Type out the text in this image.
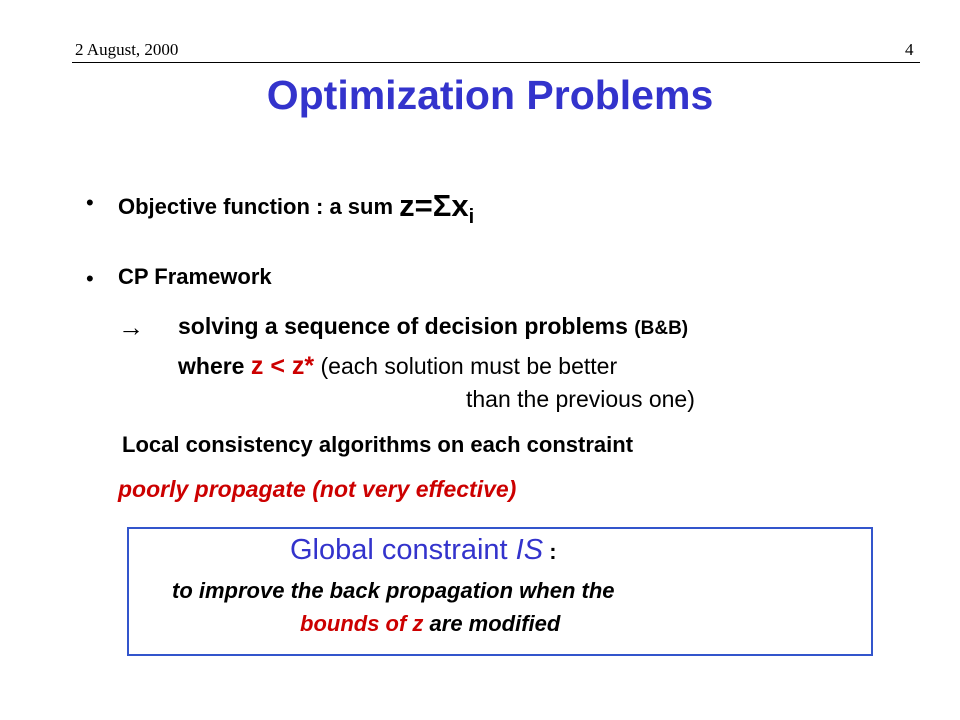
2 August, 2000	4
Optimization Problems
• Objective function : a sum $z=\Sigma x_i$
• CP Framework
→ solving a sequence of decision problems (B&B)
where z < z* (each solution must be better
than the previous one)
Local consistency algorithms on each constraint
poorly propagate (not very effective)
Global constraint IS :
to improve the back propagation when the
bounds of z are modified
